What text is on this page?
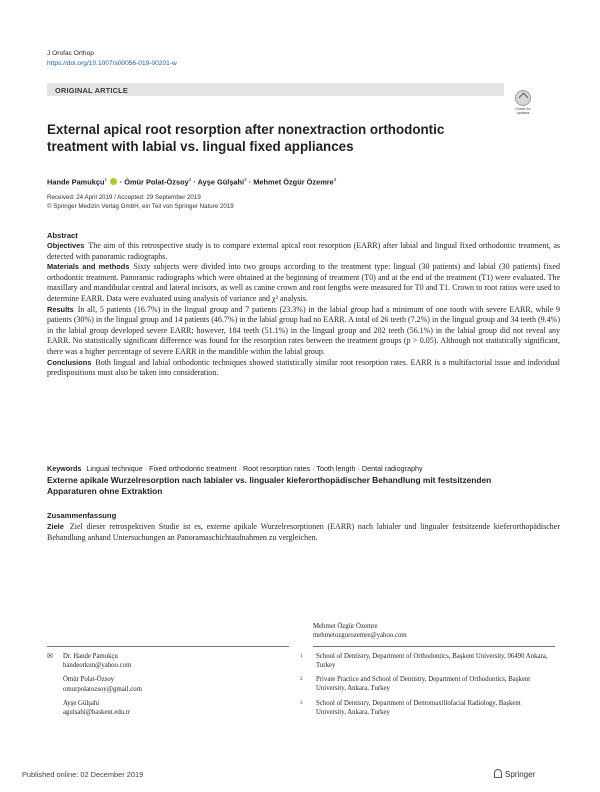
J Orofac Orthop
https://doi.org/10.1007/s00056-019-00201-w
ORIGINAL ARTICLE
Check for updates
External apical root resorption after nonextraction orthodontic treatment with labial vs. lingual fixed appliances
Hande Pamukçu$^1$  · Ömür Polat-Özsoy$^2$ · Ayşe Gülşahi$^3$ · Mehmet Özgür Özemre$^3$
Received: 24 April 2019 / Accepted: 29 September 2019
© Springer Medizin Verlag GmbH, ein Teil von Springer Nature 2019
Abstract

Objectives The aim of this retrospective study is to compare external apical root resorption (EARR) after labial and lingual fixed orthodontic treatment, as detected with panoramic radiographs.

Materials and methods Sixty subjects were divided into two groups according to the treatment type: lingual (30 patients) and labial (30 patients) fixed orthodontic treatment. Panoramic radiographs which were obtained at the beginning of treatment (T0) and at the end of the treatment (T1) were evaluated. The maxillary and mandibular central and lateral incisors, as well as canine crown and root lengths were measured for T0 and T1. Crown to root ratios were used to determine EARR. Data were evaluated using analysis of variance and χ² analysis.

Results In all, 5 patients (16.7%) in the lingual group and 7 patients (23.3%) in the labial group had a minimum of one tooth with severe EARR, while 9 patients (30%) in the lingual group and 14 patients (46.7%) in the labial group had no EARR. A total of 26 teeth (7.2%) in the lingual group and 34 teeth (9.4%) in the labial group developed severe EARR; however, 184 teeth (51.1%) in the lingual group and 202 teeth (56.1%) in the labial group did not reveal any EARR. No statistically significant difference was found for the resorption rates between the treatment groups (p > 0.05). Although not statistically significant, there was a higher percentage of severe EARR in the mandible within the labial group.

Conclusions Both lingual and labial orthodontic techniques showed statistically similar root resorption rates. EARR is a multifactorial issue and individual predispositions must also be taken into consideration.

Keywords Lingual technique · Fixed orthodontic treatment · Root resorption rates · Tooth length · Dental radiography
Externe apikale Wurzelresorption nach labialer vs. lingualer kieferorthopädischer Behandlung mit festsitzenden Apparaturen ohne Extraktion
Zusammenfassung
Ziele Ziel dieser retrospektiven Studie ist es, externe apikale Wurzelresorptionen (EARR) nach labialer und lingualer festsitzende kieferorthopädischer Behandlung anhand Untersuchungen an Panoramaschichtaufnahmen zu vergleichen.
Mehmet Özgür Özemre
mehmetozgurozemre@yahoo.com
✉ Dr. Hande Pamukçu
handeorkun@yahoo.com
Ömür Polat-Özsoy
omurpolatozsoy@gmail.com
Ayşe Gülşahi
agulsahi@baskent.edu.tr
1 School of Dentistry, Department of Orthodontics, Başkent University, 06490 Ankara, Turkey
2 Private Practice and School of Dentistry, Department of Orthodontics, Başkent University, Ankara, Turkey
3 School of Dentistry, Department of Dentomaxillofacial Radiology, Başkent University, Ankara, Turkey
Published online: 02 December 2019	Springer
